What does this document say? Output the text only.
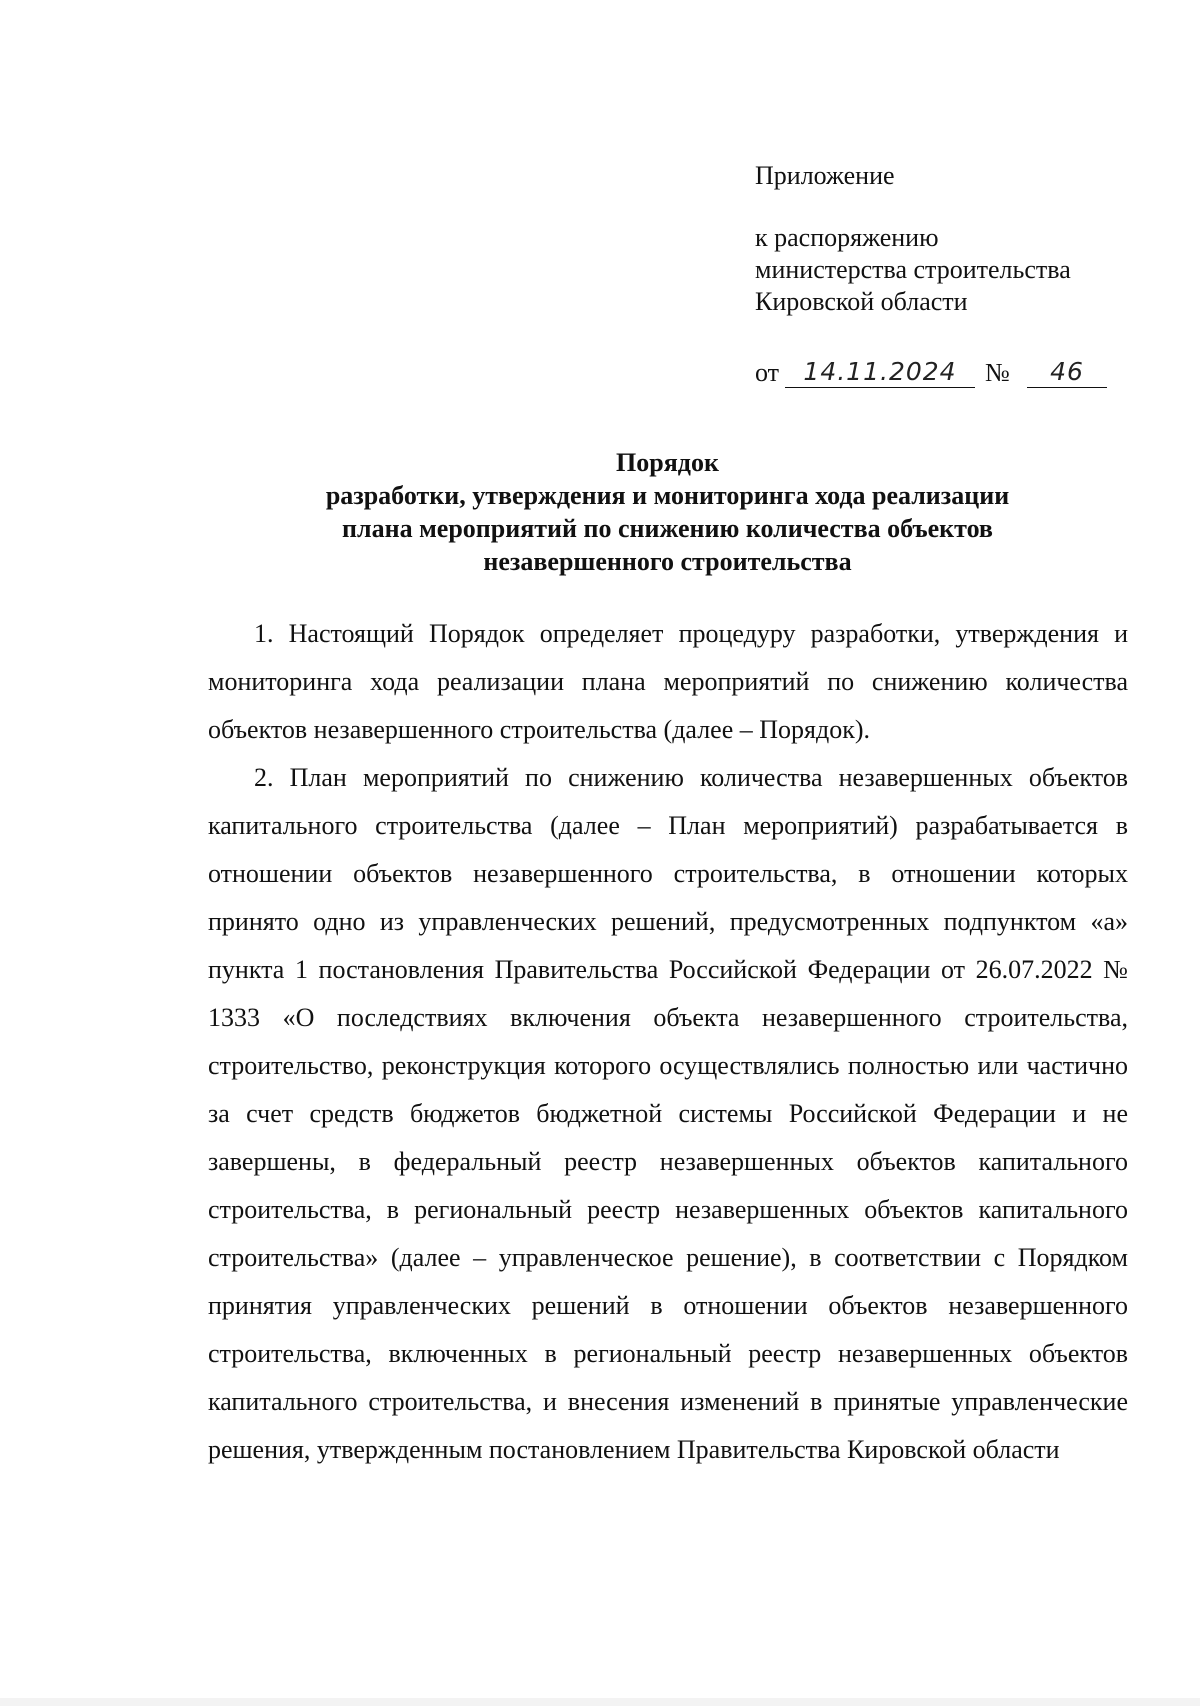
Приложение
к распоряжению
министерства строительства
Кировской области
от 14.11.2024	№	46
Порядок
разработки, утверждения и мониторинга хода реализации
плана мероприятий по снижению количества объектов
незавершенного строительства

1. Настоящий Порядок определяет процедуру разработки, утверждения и мониторинга хода реализации плана мероприятий по снижению количества объектов незавершенного строительства (далее – Порядок).

2. План мероприятий по снижению количества незавершенных объектов капитального строительства (далее – План мероприятий) разрабатывается в отношении объектов незавершенного строительства, в отношении которых принято одно из управленческих решений, предусмотренных подпунктом «а» пункта 1 постановления Правительства Российской Федерации от 26.07.2022 № 1333 «О последствиях включения объекта незавершенного строительства, строительство, реконструкция которого осуществлялись полностью или частично за счет средств бюджетов бюджетной системы Российской Федерации и не завершены, в федеральный реестр незавершенных объектов капитального строительства, в региональный реестр незавершенных объектов капитального строительства» (далее – управленческое решение), в соответствии с Порядком принятия управленческих решений в отношении объектов незавершенного строительства, включенных в региональный реестр незавершенных объектов капитального строительства, и внесения изменений в принятые управленческие решения, утвержденным постановлением Правительства Кировской области
